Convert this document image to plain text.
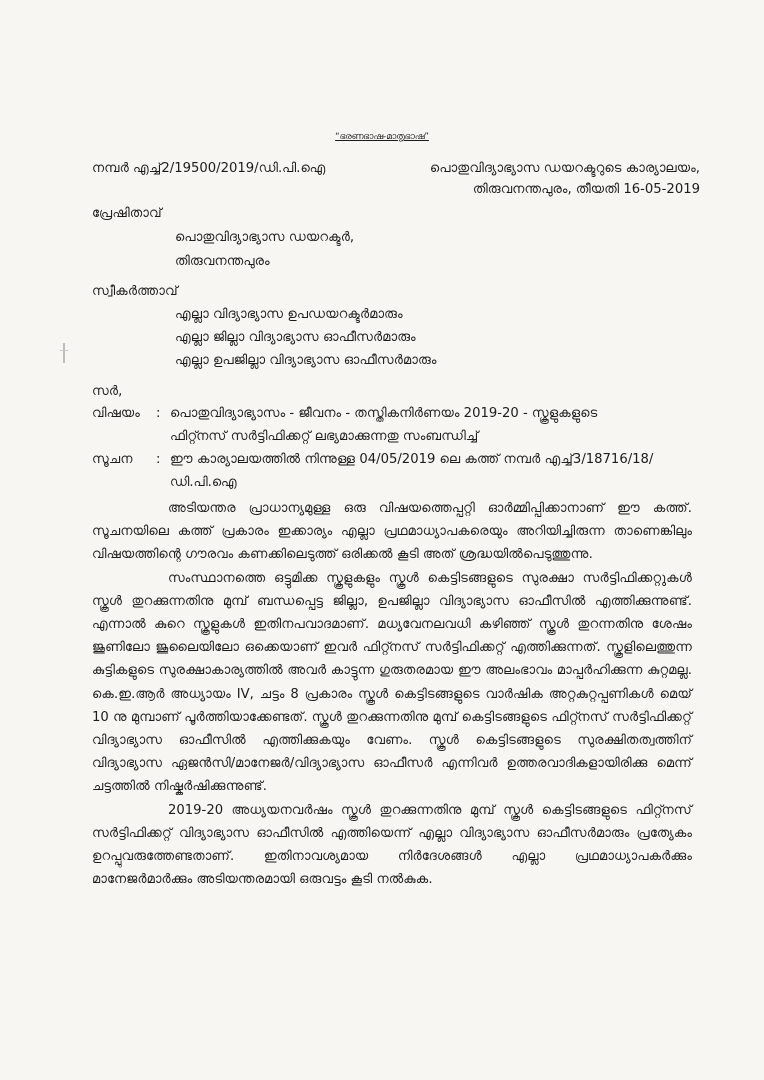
“ഭരണഭാഷ-മാതൃഭാഷ”
നമ്പർ എച്ച്2/19500/2019/ഡി.പി.ഐ	പൊതുവിദ്യാഭ്യാസ ഡയറക്ടറുടെ കാര്യാലയം,
തിരുവനന്തപുരം, തീയതി 16-05-2019
പ്രേഷിതാവ്
പൊതുവിദ്യാഭ്യാസ ഡയറക്ടർ,
തിരുവനന്തപുരം
സ്വീകർത്താവ്
എല്ലാ വിദ്യാഭ്യാസ ഉപഡയറക്ടർമാരും
എല്ലാ ജില്ലാ വിദ്യാഭ്യാസ ഓഫീസർമാരും
എല്ലാ ഉപജില്ലാ വിദ്യാഭ്യാസ ഓഫീസർമാരും
സർ,
വിഷയം : പൊതുവിദ്യാഭ്യാസം - ജീവനം - തസ്തികനിർണയം 2019-20 - സ്കൂളുകളുടെ
ഫിറ്റ്നസ് സർട്ടിഫിക്കറ്റ് ലഭ്യമാക്കുന്നതു സംബന്ധിച്ച്
സൂചന : ഈ കാര്യാലയത്തിൽ നിന്നുള്ള 04/05/2019 ലെ കത്ത് നമ്പർ എച്ച്3/18716/18/
ഡി.പി.ഐ

അടിയന്തര പ്രാധാന്യമുള്ള ഒരു വിഷയത്തെപ്പറ്റി ഓർമ്മിപ്പിക്കാനാണ് ഈ കത്ത്. സൂചനയിലെ കത്ത് പ്രകാരം ഇക്കാര്യം എല്ലാ പ്രഥമാധ്യാപകരെയും അറിയിച്ചിരുന്ന താണെങ്കിലും വിഷയത്തിന്റെ ഗൗരവം കണക്കിലെടുത്ത് ഒരിക്കൽ കൂടി അത് ശ്രദ്ധയിൽപെടുത്തുന്നു.

സംസ്ഥാനത്തെ ഒട്ടുമിക്ക സ്കൂളുകളും സ്കൂൾ കെട്ടിടങ്ങളുടെ സുരക്ഷാ സർട്ടിഫിക്കറ്റുകൾ സ്കൂൾ തുറക്കുന്നതിനു മുമ്പ് ബന്ധപ്പെട്ട ജില്ലാ, ഉപജില്ലാ വിദ്യാഭ്യാസ ഓഫീസിൽ എത്തിക്കുന്നുണ്ട്. എന്നാൽ കുറെ സ്കൂളുകൾ ഇതിനപവാദമാണ്. മധ്യവേനലവധി കഴിഞ്ഞ് സ്കൂൾ തുറന്നതിനു ശേഷം ജൂണിലോ ജൂലൈയിലോ ഒക്കെയാണ് ഇവർ ഫിറ്റ്നസ് സർട്ടിഫിക്കറ്റ് എത്തിക്കുന്നത്. സ്കൂളിലെത്തുന്ന കുട്ടികളുടെ സുരക്ഷാകാര്യത്തിൽ അവർ കാട്ടുന്ന ഗുരുതരമായ ഈ അലംഭാവം മാപ്പർഹിക്കുന്ന കുറ്റമല്ല. കെ.ഇ.ആർ അധ്യായം IV, ചട്ടം 8 പ്രകാരം സ്കൂൾ കെട്ടിടങ്ങളുടെ വാർഷിക അറ്റകുറ്റപ്പണികൾ മെയ് 10 നു മുമ്പാണ് പൂർത്തിയാക്കേണ്ടത്. സ്കൂൾ തുറക്കുന്നതിനു മുമ്പ് കെട്ടിടങ്ങളുടെ ഫിറ്റ്നസ് സർട്ടിഫിക്കറ്റ് വിദ്യാഭ്യാസ ഓഫീസിൽ എത്തിക്കുകയും വേണം. സ്കൂൾ കെട്ടിടങ്ങളുടെ സുരക്ഷിതത്വത്തിന് വിദ്യാഭ്യാസ ഏജൻസി/മാനേജർ/വിദ്യാഭ്യാസ ഓഫീസർ എന്നിവർ ഉത്തരവാദികളായിരിക്കു മെന്ന് ചട്ടത്തിൽ നിഷ്കർഷിക്കുന്നുണ്ട്.

2019-20 അധ്യയനവർഷം സ്കൂൾ തുറക്കുന്നതിനു മുമ്പ് സ്കൂൾ കെട്ടിടങ്ങളുടെ ഫിറ്റ്നസ് സർട്ടിഫിക്കറ്റ് വിദ്യാഭ്യാസ ഓഫീസിൽ എത്തിയെന്ന് എല്ലാ വിദ്യാഭ്യാസ ഓഫീസർമാരും പ്രത്യേകം ഉറപ്പുവരുത്തേണ്ടതാണ്. ഇതിനാവശ്യമായ നിർദേശങ്ങൾ എല്ലാ പ്രഥമാധ്യാപകർക്കും മാനേജർമാർക്കും അടിയന്തരമായി ഒരുവട്ടം കൂടി നൽകുക.
